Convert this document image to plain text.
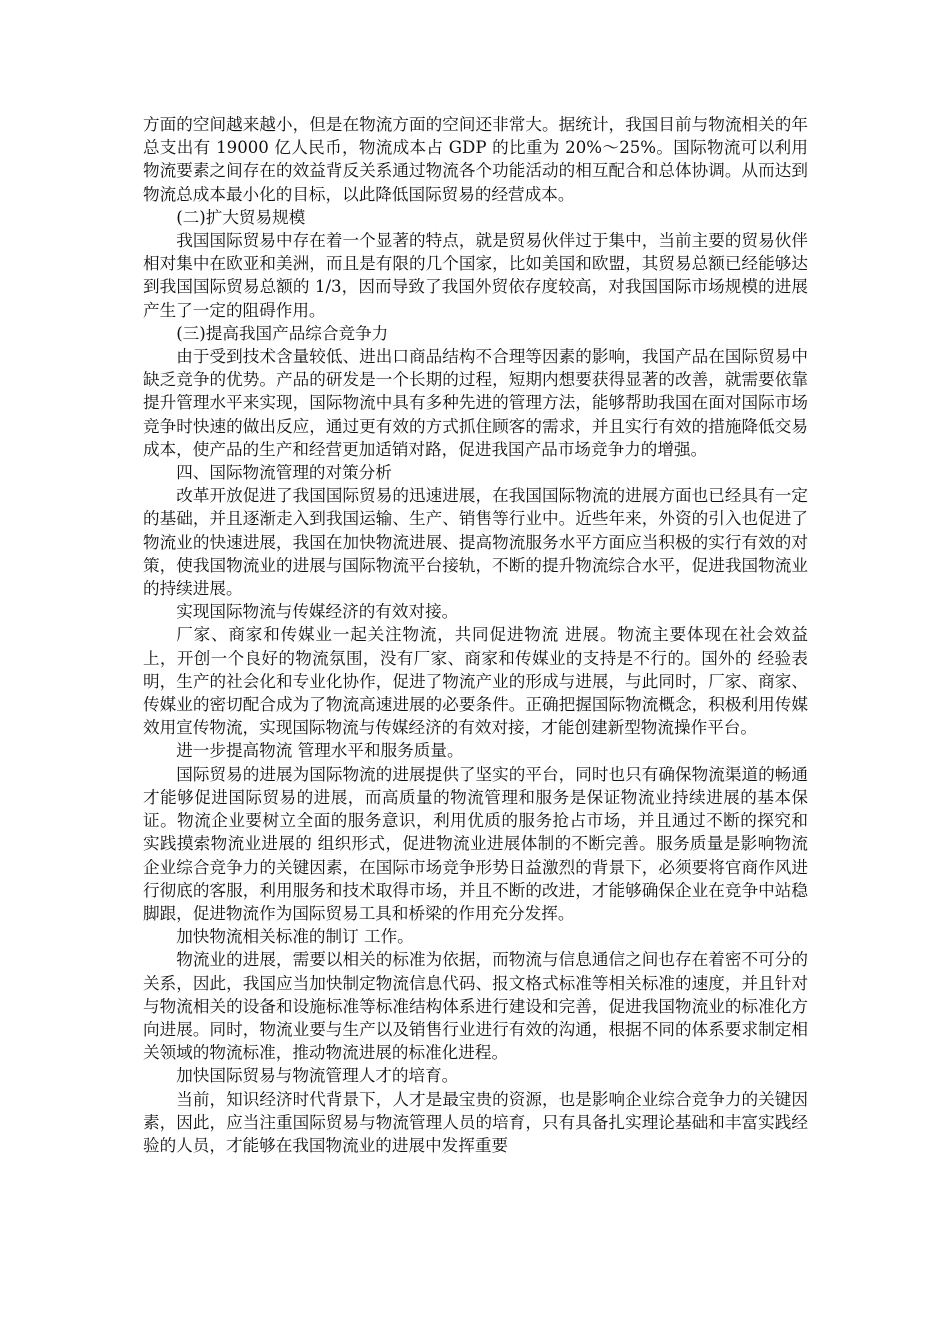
方面的空间越来越小，但是在物流方面的空间还非常大。据统计，我国目前与物流相关的年总支出有 19000 亿人民币，物流成本占 GDP 的比重为 20%～25%。国际物流可以利用物流要素之间存在的效益背反关系通过物流各个功能活动的相互配合和总体协调。从而达到物流总成本最小化的目标，以此降低国际贸易的经营成本。

(二)扩大贸易规模

我国国际贸易中存在着一个显著的特点，就是贸易伙伴过于集中，当前主要的贸易伙伴相对集中在欧亚和美洲，而且是有限的几个国家，比如美国和欧盟，其贸易总额已经能够达到我国国际贸易总额的 1/3，因而导致了我国外贸依存度较高，对我国国际市场规模的进展产生了一定的阻碍作用。

(三)提高我国产品综合竞争力

由于受到技术含量较低、进出口商品结构不合理等因素的影响，我国产品在国际贸易中缺乏竞争的优势。产品的研发是一个长期的过程，短期内想要获得显著的改善，就需要依靠提升管理水平来实现，国际物流中具有多种先进的管理方法，能够帮助我国在面对国际市场竞争时快速的做出反应，通过更有效的方式抓住顾客的需求，并且实行有效的措施降低交易成本，使产品的生产和经营更加适销对路，促进我国产品市场竞争力的增强。

四、国际物流管理的对策分析

改革开放促进了我国国际贸易的迅速进展，在我国国际物流的进展方面也已经具有一定的基础，并且逐渐走入到我国运输、生产、销售等行业中。近些年来，外资的引入也促进了物流业的快速进展，我国在加快物流进展、提高物流服务水平方面应当积极的实行有效的对策，使我国物流业的进展与国际物流平台接轨，不断的提升物流综合水平，促进我国物流业的持续进展。

实现国际物流与传媒经济的有效对接。

厂家、商家和传媒业一起关注物流，共同促进物流 进展。物流主要体现在社会效益上，开创一个良好的物流氛围，没有厂家、商家和传媒业的支持是不行的。国外的 经验表明，生产的社会化和专业化协作，促进了物流产业的形成与进展，与此同时，厂家、商家、传媒业的密切配合成为了物流高速进展的必要条件。正确把握国际物流概念，积极利用传媒效用宣传物流，实现国际物流与传媒经济的有效对接，才能创建新型物流操作平台。

进一步提高物流 管理水平和服务质量。

国际贸易的进展为国际物流的进展提供了坚实的平台，同时也只有确保物流渠道的畅通才能够促进国际贸易的进展，而高质量的物流管理和服务是保证物流业持续进展的基本保证。物流企业要树立全面的服务意识，利用优质的服务抢占市场，并且通过不断的探究和 实践摸索物流业进展的 组织形式，促进物流业进展体制的不断完善。服务质量是影响物流企业综合竞争力的关键因素，在国际市场竞争形势日益激烈的背景下，必须要将官商作风进行彻底的客服，利用服务和技术取得市场，并且不断的改进，才能够确保企业在竞争中站稳脚跟，促进物流作为国际贸易工具和桥梁的作用充分发挥。

加快物流相关标准的制订 工作。

物流业的进展，需要以相关的标准为依据，而物流与信息通信之间也存在着密不可分的关系，因此，我国应当加快制定物流信息代码、报文格式标准等相关标准的速度，并且针对与物流相关的设备和设施标准等标准结构体系进行建设和完善，促进我国物流业的标准化方向进展。同时，物流业要与生产以及销售行业进行有效的沟通，根据不同的体系要求制定相关领域的物流标准，推动物流进展的标准化进程。

加快国际贸易与物流管理人才的培育。

当前，知识经济时代背景下，人才是最宝贵的资源，也是影响企业综合竞争力的关键因素，因此，应当注重国际贸易与物流管理人员的培育，只有具备扎实理论基础和丰富实践经验的人员，才能够在我国物流业的进展中发挥重要
